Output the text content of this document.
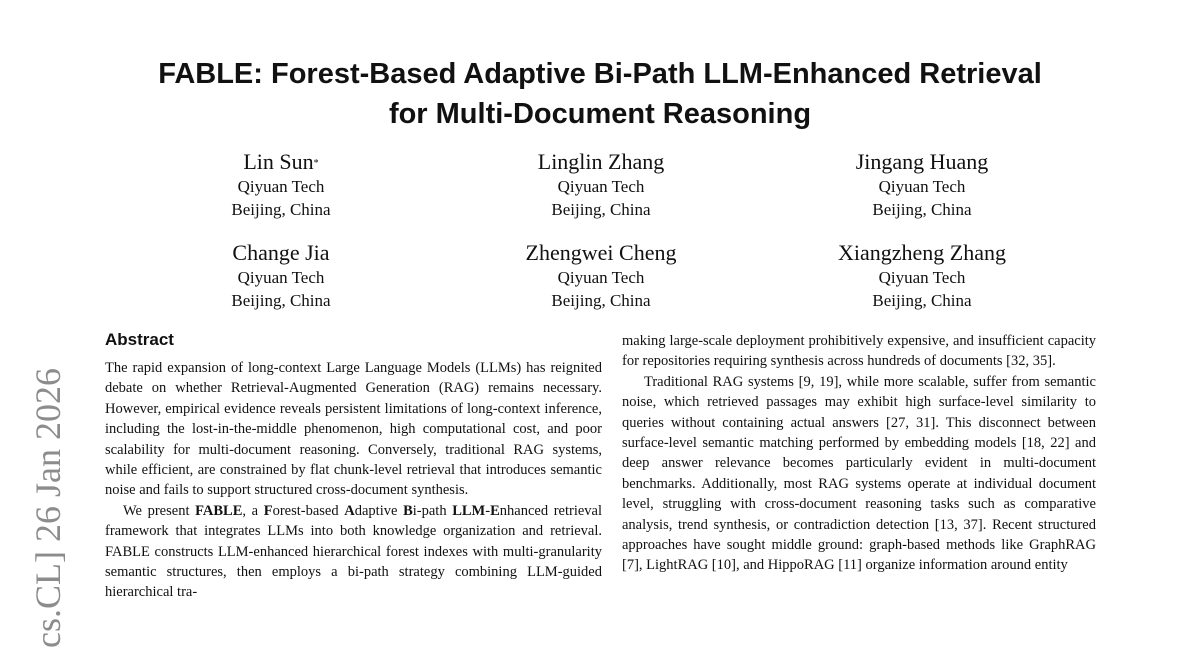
FABLE: Forest-Based Adaptive Bi-Path LLM-Enhanced Retrieval
for Multi-Document Reasoning
Lin Sun*
Qiyuan Tech
Beijing, China
Linglin Zhang
Qiyuan Tech
Beijing, China
Jingang Huang
Qiyuan Tech
Beijing, China
Change Jia
Qiyuan Tech
Beijing, China
Zhengwei Cheng
Qiyuan Tech
Beijing, China
Xiangzheng Zhang
Qiyuan Tech
Beijing, China
cs.CL] 26 Jan 2026
Abstract

The rapid expansion of long-context Large Language Models (LLMs) has reignited debate on whether Retrieval-Augmented Generation (RAG) remains necessary. However, empirical evidence reveals persistent limitations of long-context inference, including the lost-in-the-middle phenomenon, high computational cost, and poor scalability for multi-document reasoning. Conversely, traditional RAG systems, while efficient, are constrained by flat chunk-level retrieval that introduces semantic noise and fails to support structured cross-document synthesis.

We present FABLE, a Forest-based Adaptive Bi-path LLM-Enhanced retrieval framework that integrates LLMs into both knowledge organization and retrieval. FABLE constructs LLM-enhanced hierarchical forest indexes with multi-granularity semantic structures, then employs a bi-path strategy combining LLM-guided hierarchical tra-

making large-scale deployment prohibitively expensive, and insufficient capacity for repositories requiring synthesis across hundreds of documents [32, 35].

Traditional RAG systems [9, 19], while more scalable, suffer from semantic noise, which retrieved passages may exhibit high surface-level similarity to queries without containing actual answers [27, 31]. This disconnect between surface-level semantic matching performed by embedding models [18, 22] and deep answer relevance becomes particularly evident in multi-document benchmarks. Additionally, most RAG systems operate at individual document level, struggling with cross-document reasoning tasks such as comparative analysis, trend synthesis, or contradiction detection [13, 37]. Recent structured approaches have sought middle ground: graph-based methods like GraphRAG [7], LightRAG [10], and HippoRAG [11] organize information around entity
